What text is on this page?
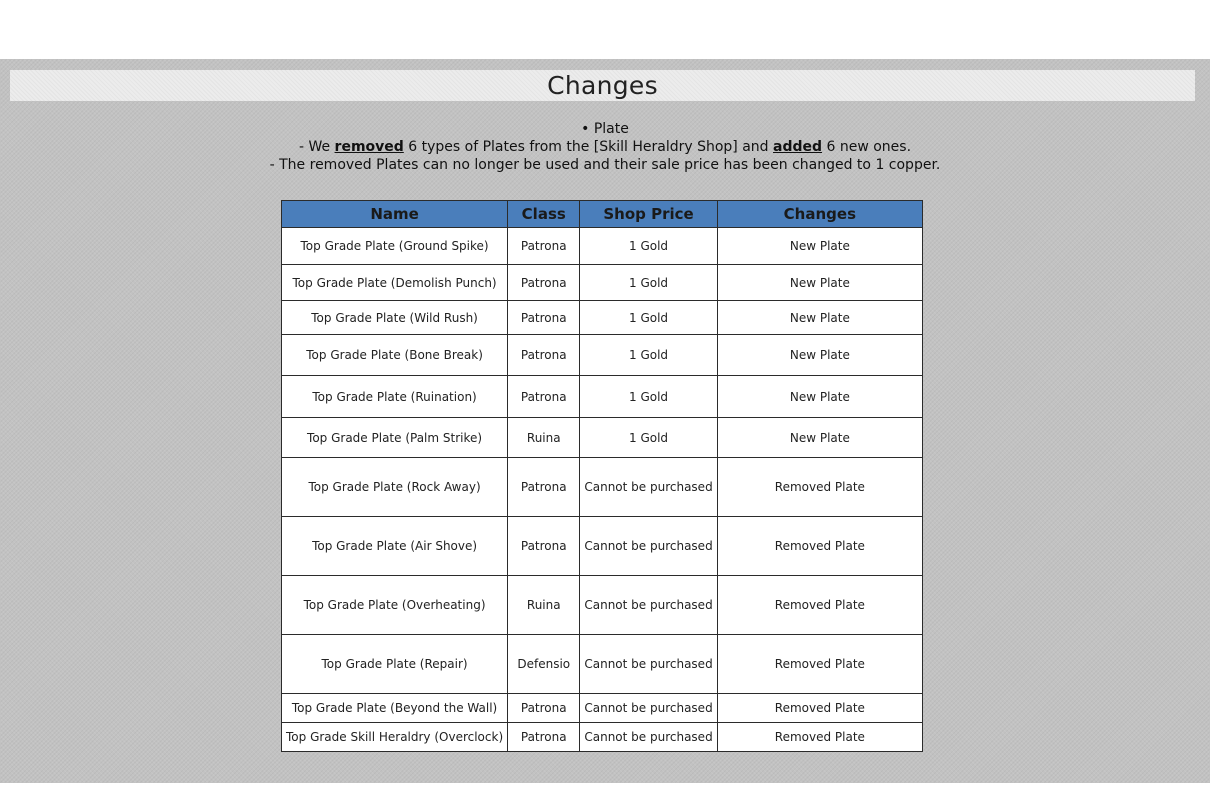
Changes
• Plate
- We removed 6 types of Plates from the [Skill Heraldry Shop] and added 6 new ones.
- The removed Plates can no longer be used and their sale price has been changed to 1 copper.
Name	Class	Shop Price	Changes
Top Grade Plate (Ground Spike)	Patrona	1 Gold	New Plate
Top Grade Plate (Demolish Punch)	Patrona	1 Gold	New Plate
Top Grade Plate (Wild Rush)	Patrona	1 Gold	New Plate
Top Grade Plate (Bone Break)	Patrona	1 Gold	New Plate
Top Grade Plate (Ruination)	Patrona	1 Gold	New Plate
Top Grade Plate (Palm Strike)	Ruina	1 Gold	New Plate
Top Grade Plate (Rock Away)	Patrona	Cannot be purchased	Removed Plate
Top Grade Plate (Air Shove)	Patrona	Cannot be purchased	Removed Plate
Top Grade Plate (Overheating)	Ruina	Cannot be purchased	Removed Plate
Top Grade Plate (Repair)	Defensio	Cannot be purchased	Removed Plate
Top Grade Plate (Beyond the Wall)	Patrona	Cannot be purchased	Removed Plate
Top Grade Skill Heraldry (Overclock)	Patrona	Cannot be purchased	Removed Plate
